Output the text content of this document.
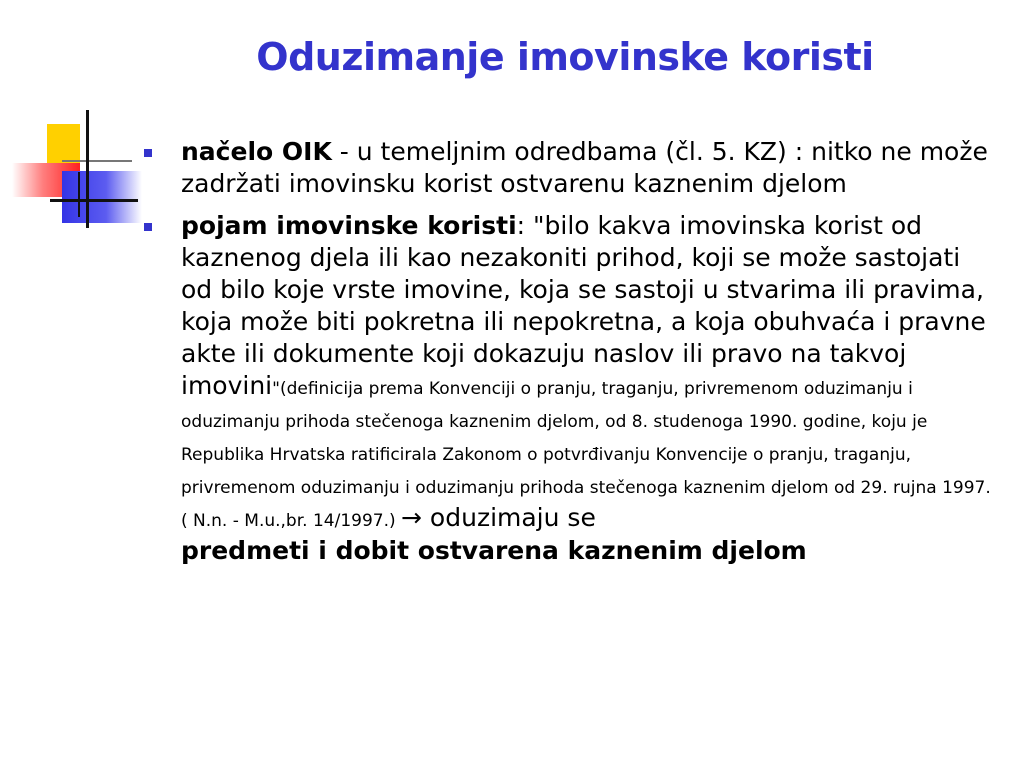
Oduzimanje imovinske koristi
načelo OIK - u temeljnim odredbama (čl. 5. KZ) : nitko ne može zadržati imovinsku korist ostvarenu kaznenim djelom
pojam imovinske koristi: "bilo kakva imovinska korist od kaznenog djela ili kao nezakoniti prihod, koji se može sastojati od bilo koje vrste imovine, koja se sastoji u stvarima ili pravima, koja može biti pokretna ili nepokretna, a koja obuhvaća i pravne akte ili dokumente koji dokazuju naslov ili pravo na takvoj imovini"(definicija prema Konvenciji o pranju, traganju, privremenom oduzimanju i oduzimanju prihoda stečenoga kaznenim djelom, od 8. studenoga 1990. godine, koju je Republika Hrvatska ratificirala Zakonom o potvrđivanju Konvencije o pranju, traganju, privremenom oduzimanju i oduzimanju prihoda stečenoga kaznenim djelom od 29. rujna 1997. ( N.n. - M.u.,br. 14/1997.) → oduzimaju se
predmeti i dobit ostvarena kaznenim djelom
